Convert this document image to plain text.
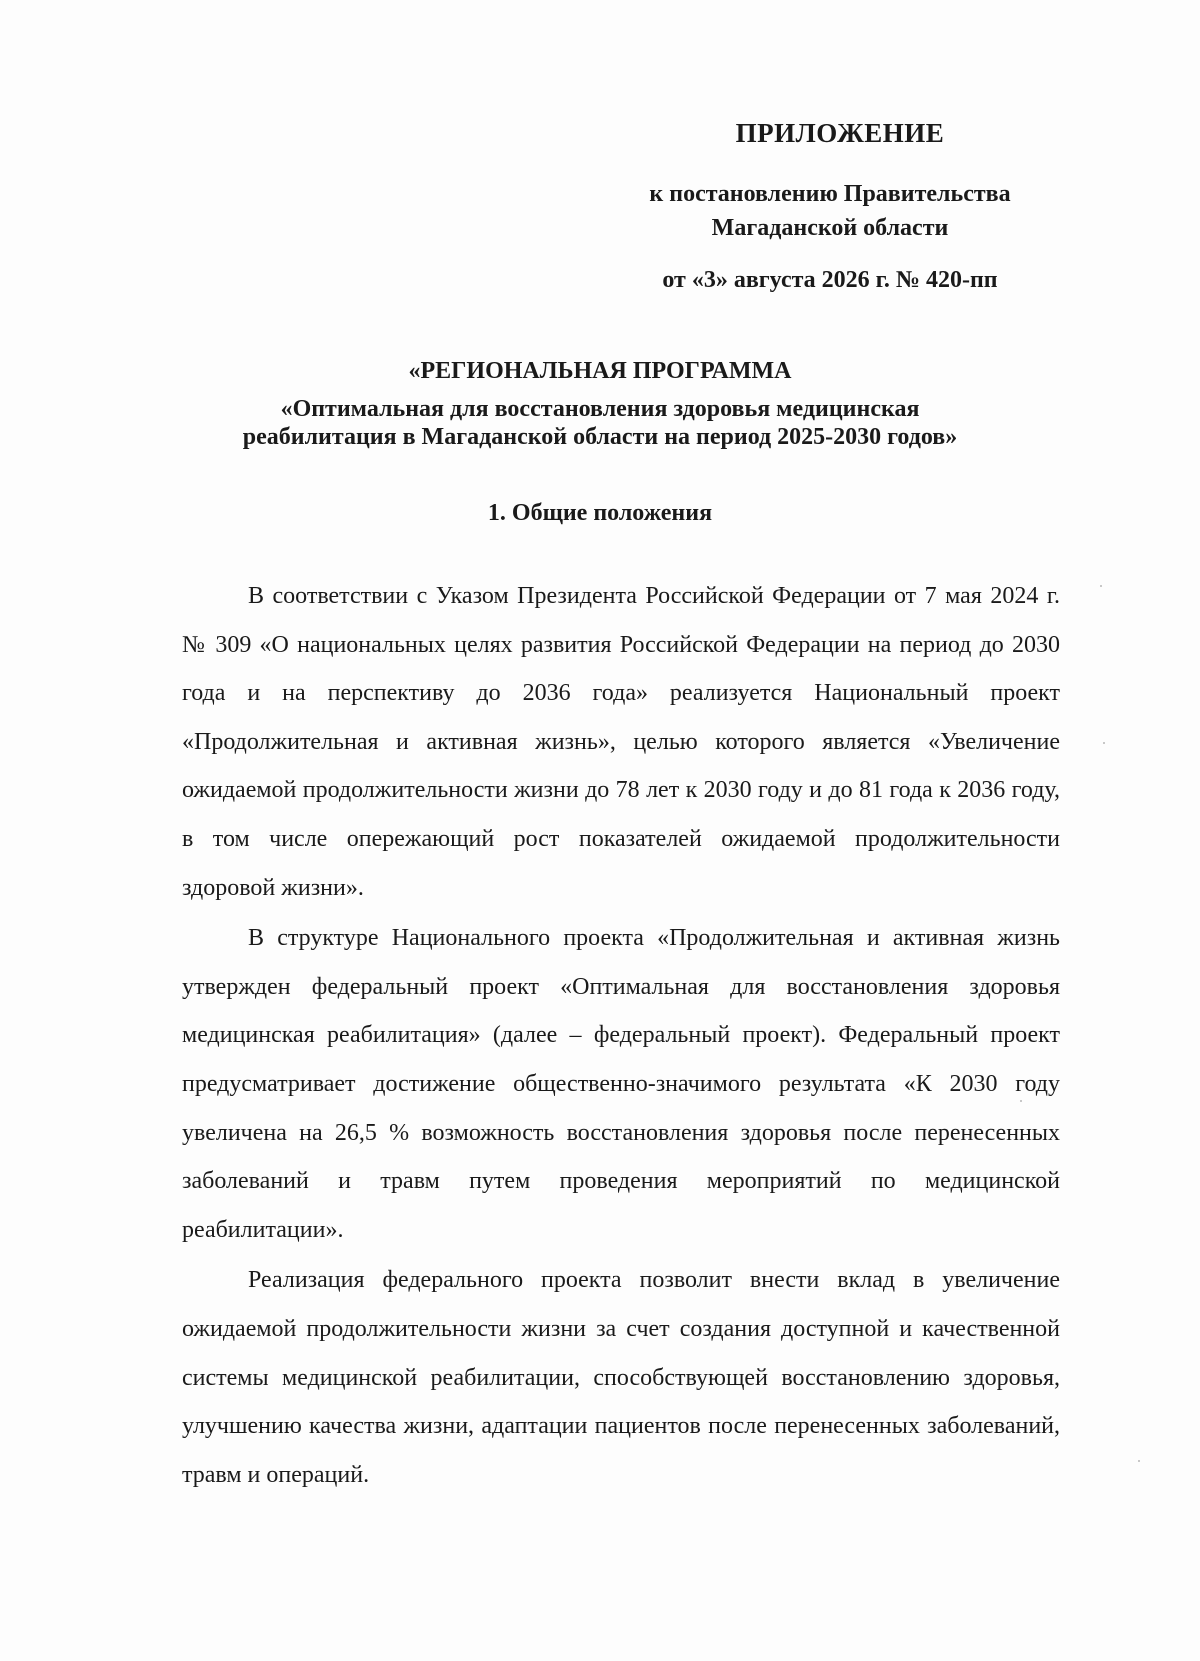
ПРИЛОЖЕНИЕ
к постановлению Правительства
Магаданской области
от «3» августа 2026 г. № 420-пп
«РЕГИОНАЛЬНАЯ ПРОГРАММА
«Оптимальная для восстановления здоровья медицинская
реабилитация в Магаданской области на период 2025-2030 годов»
1. Общие положения

В соответствии с Указом Президента Российской Федерации от 7 мая 2024 г. № 309 «О национальных целях развития Российской Федерации на период до 2030 года и на перспективу до 2036 года» реализуется Национальный проект «Продолжительная и активная жизнь», целью которого является «Увеличение ожидаемой продолжительности жизни до 78 лет к 2030 году и до 81 года к 2036 году, в том числе опережающий рост показателей ожидаемой продолжительности здоровой жизни».

В структуре Национального проекта «Продолжительная и активная жизнь утвержден федеральный проект «Оптимальная для восстановления здоровья медицинская реабилитация» (далее – федеральный проект). Федеральный проект предусматривает достижение общественно-значимого результата «К 2030 году увеличена на 26,5 % возможность восстановления здоровья после перенесенных заболеваний и травм путем проведения мероприятий по медицинской реабилитации».

Реализация федерального проекта позволит внести вклад в увеличение ожидаемой продолжительности жизни за счет создания доступной и качественной системы медицинской реабилитации, способствующей восстановлению здоровья, улучшению качества жизни, адаптации пациентов после перенесенных заболеваний, травм и операций.
